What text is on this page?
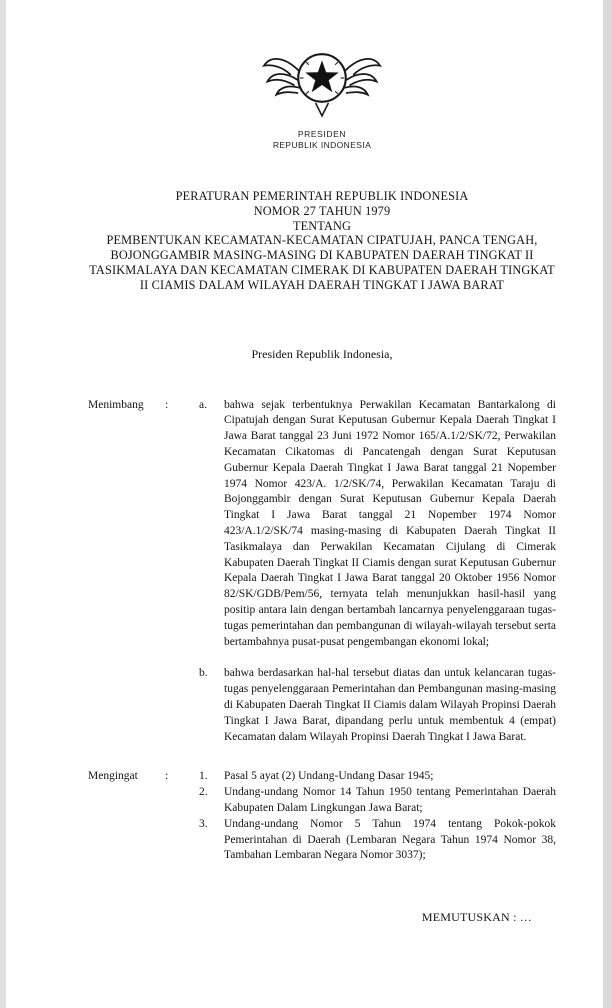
PRESIDEN
REPUBLIK INDONESIA
PERATURAN PEMERINTAH REPUBLIK INDONESIA
NOMOR 27 TAHUN 1979
TENTANG
PEMBENTUKAN KECAMATAN-KECAMATAN CIPATUJAH, PANCA TENGAH, BOJONGGAMBIR MASING-MASING DI KABUPATEN DAERAH TINGKAT II TASIKMALAYA DAN KECAMATAN CIMERAK DI KABUPATEN DAERAH TINGKAT II CIAMIS DALAM WILAYAH DAERAH TINGKAT I JAWA BARAT
Presiden Republik Indonesia,
Menimbang	:	a.	bahwa sejak terbentuknya Perwakilan Kecamatan Bantarkalong di Cipatujah dengan Surat Keputusan Gubernur Kepala Daerah Tingkat I Jawa Barat tanggal 23 Juni 1972 Nomor 165/A.1/2/SK/72, Perwakilan Kecamatan Cikatomas di Pancatengah dengan Surat Keputusan Gubernur Kepala Daerah Tingkat I Jawa Barat tanggal 21 Nopember 1974 Nomor 423/A. 1/2/SK/74, Perwakilan Kecamatan Taraju di Bojonggambir dengan Surat Keputusan Gubernur Kepala Daerah Tingkat I Jawa Barat tanggal 21 Nopember 1974 Nomor 423/A.1/2/SK/74 masing-masing di Kabupaten Daerah Tingkat II Tasikmalaya dan Perwakilan Kecamatan Cijulang di Cimerak Kabupaten Daerah Tingkat II Ciamis dengan surat Keputusan Gubernur Kepala Daerah Tingkat I Jawa Barat tanggal 20 Oktober 1956 Nomor 82/SK/GDB/Pem/56, ternyata telah menunjukkan hasil-hasil yang positip antara lain dengan bertambah lancarnya penyelenggaraan tugas-tugas pemerintahan dan pembangunan di wilayah-wilayah tersebut serta bertambahnya pusat-pusat pengembangan ekonomi lokal;
b.	bahwa berdasarkan hal-hal tersebut diatas dan untuk kelancaran tugas-tugas penyelenggaraan Pemerintahan dan Pembangunan masing-masing di Kabupaten Daerah Tingkat II Ciamis dalam Wilayah Propinsi Daerah Tingkat I Jawa Barat, dipandang perlu untuk membentuk 4 (empat) Kecamatan dalam Wilayah Propinsi Daerah Tingkat I Jawa Barat.
Mengingat	:	1.	Pasal 5 ayat (2) Undang-Undang Dasar 1945;
2.	Undang-undang Nomor 14 Tahun 1950 tentang Pemerintahan Daerah Kabupaten Dalam Lingkungan Jawa Barat;
3.	Undang-undang Nomor 5 Tahun 1974 tentang Pokok-pokok Pemerintahan di Daerah (Lembaran Negara Tahun 1974 Nomor 38, Tambahan Lembaran Negara Nomor 3037);
MEMUTUSKAN : …
